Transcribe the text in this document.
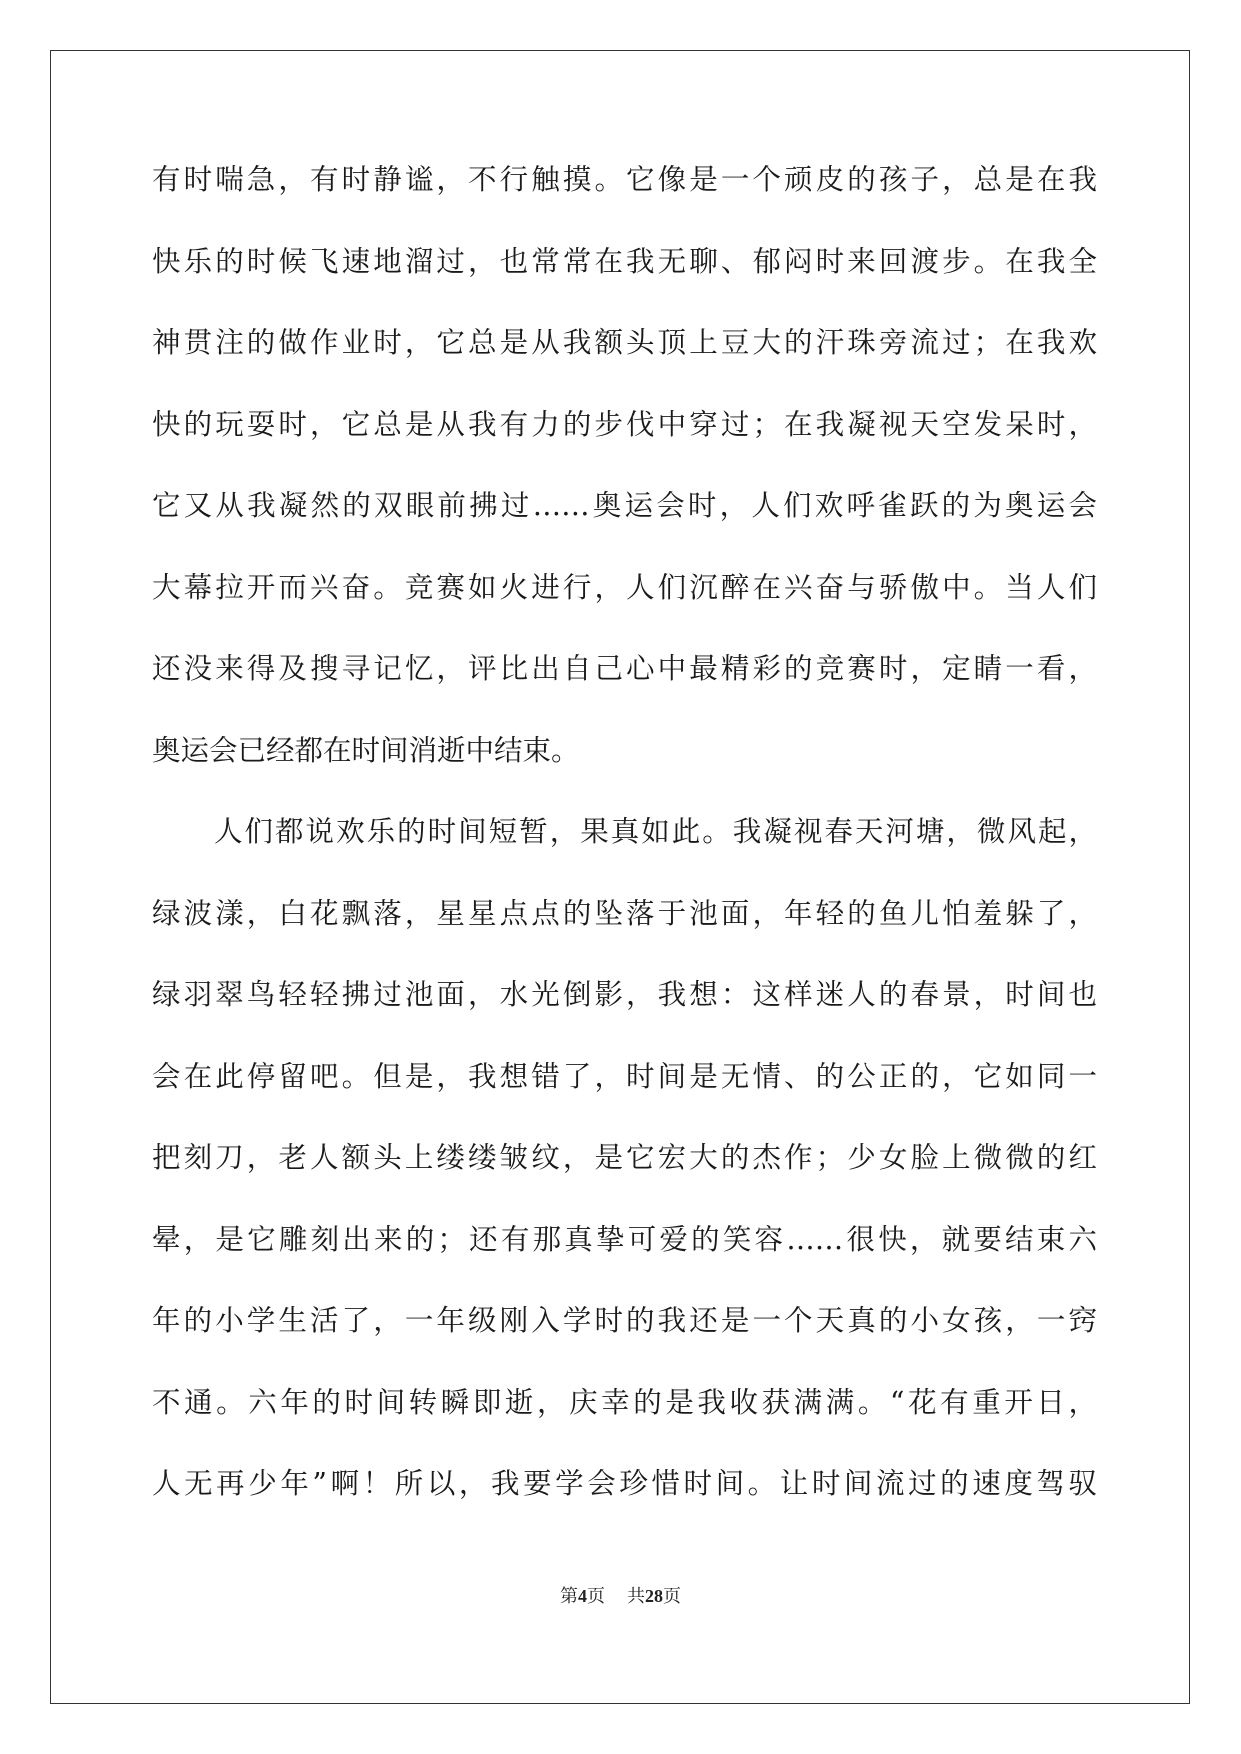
有时喘急，有时静谧，不行触摸。它像是一个顽皮的孩子，总是在我
快乐的时候飞速地溜过，也常常在我无聊、郁闷时来回渡步。在我全
神贯注的做作业时，它总是从我额头顶上豆大的汗珠旁流过；在我欢
快的玩耍时，它总是从我有力的步伐中穿过；在我凝视天空发呆时，
它又从我凝然的双眼前拂过……奥运会时，人们欢呼雀跃的为奥运会
大幕拉开而兴奋。竞赛如火进行，人们沉醉在兴奋与骄傲中。当人们
还没来得及搜寻记忆，评比出自己心中最精彩的竞赛时，定睛一看，
奥运会已经都在时间消逝中结束。
人们都说欢乐的时间短暂，果真如此。我凝视春天河塘，微风起，
绿波漾，白花飘落，星星点点的坠落于池面，年轻的鱼儿怕羞躲了，
绿羽翠鸟轻轻拂过池面，水光倒影，我想：这样迷人的春景，时间也
会在此停留吧。但是，我想错了，时间是无情、的公正的，它如同一
把刻刀，老人额头上缕缕皱纹，是它宏大的杰作；少女脸上微微的红
晕，是它雕刻出来的；还有那真挚可爱的笑容……很快，就要结束六
年的小学生活了，一年级刚入学时的我还是一个天真的小女孩，一窍
不通。六年的时间转瞬即逝，庆幸的是我收获满满。“花有重开日，
人无再少年”啊！所以，我要学会珍惜时间。让时间流过的速度驾驭
第4页 共28页
